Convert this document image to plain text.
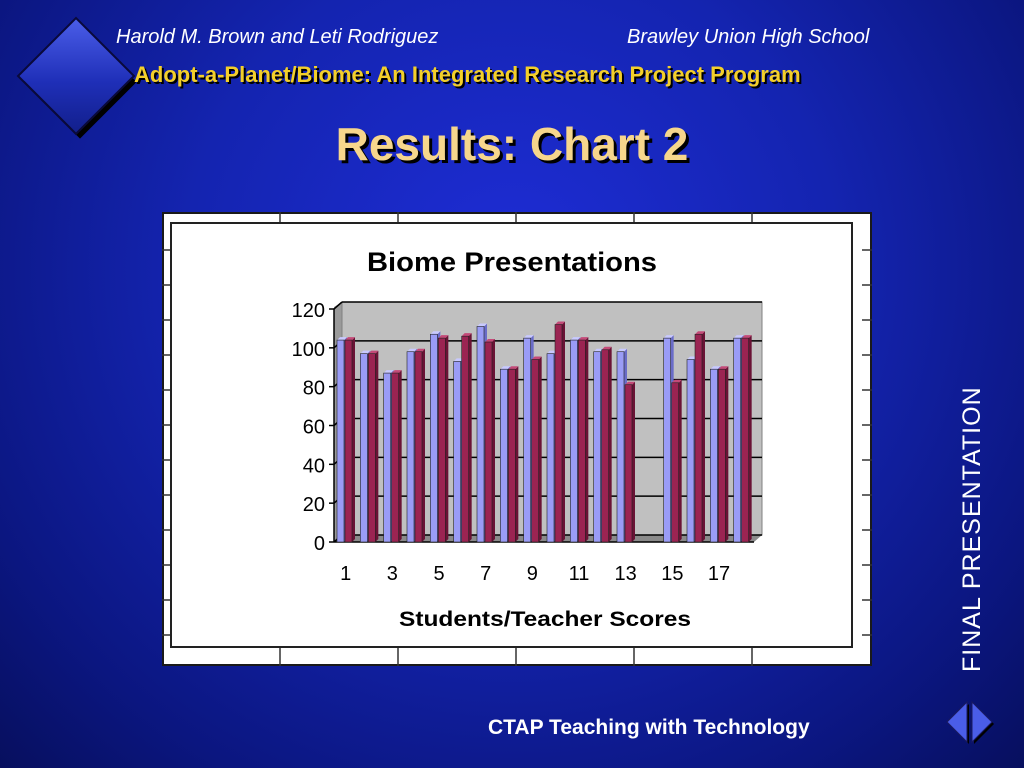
Harold M. Brown and Leti Rodriguez	Brawley Union High School
Adopt-a-Planet/Biome: An Integrated Research Project Program
Results: Chart 2
Biome Presentations
0
20
40
60
80
100
120
1 3 5 7 9 11 13 15 17
Students/Teacher Scores	FINAL PRESENTATION
CTAP Teaching with Technology
